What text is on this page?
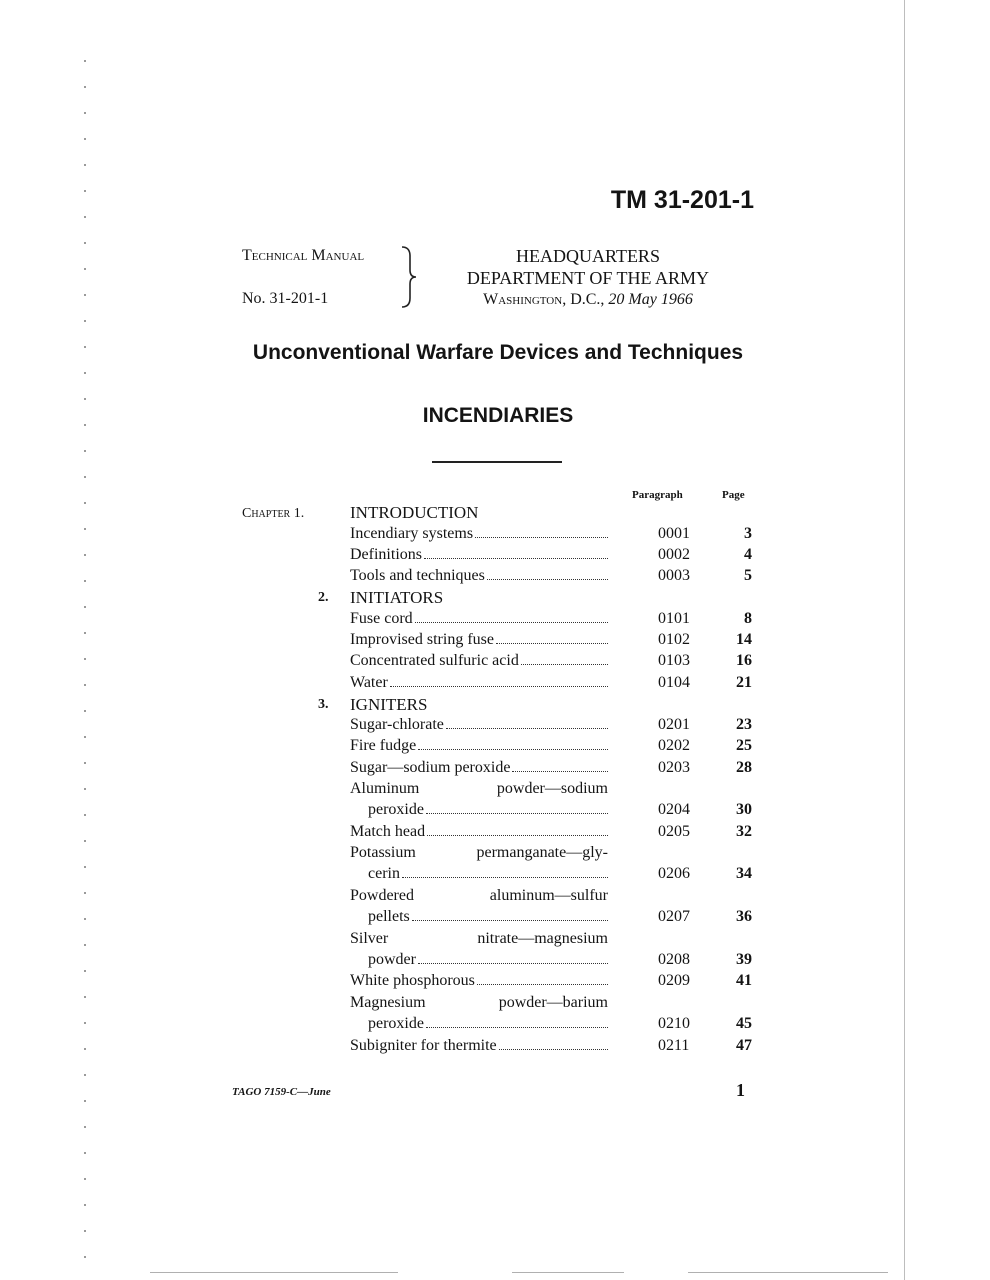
TM 31-201-1
Technical Manual
No. 31-201-1
HEADQUARTERS
DEPARTMENT OF THE ARMY
Washington, D.C., 20 May 1966
Unconventional Warfare Devices and Techniques
INCENDIARIES
Paragraph	Page
Chapter 1.	INTRODUCTION
Incendiary systems	0001	3
Definitions	0002	4
Tools and techniques	0003	5
2. INITIATORS
Fuse cord	0101	8
Improvised string fuse	0102	14
Concentrated sulfuric acid	0103	16
Water	0104	21
3. IGNITERS
Sugar-chlorate	0201	23
Fire fudge	0202	25
Sugar—sodium peroxide	0203	28
Aluminum powder—sodium
peroxide	0204	30
Match head	0205	32
Potassium permanganate—gly-
cerin	0206	34
Powdered aluminum—sulfur
pellets	0207	36
Silver nitrate—magnesium
powder	0208	39
White phosphorous	0209	41
Magnesium powder—barium
peroxide	0210	45
Subigniter for thermite	0211	47
TAGO 7159-C—June	1
